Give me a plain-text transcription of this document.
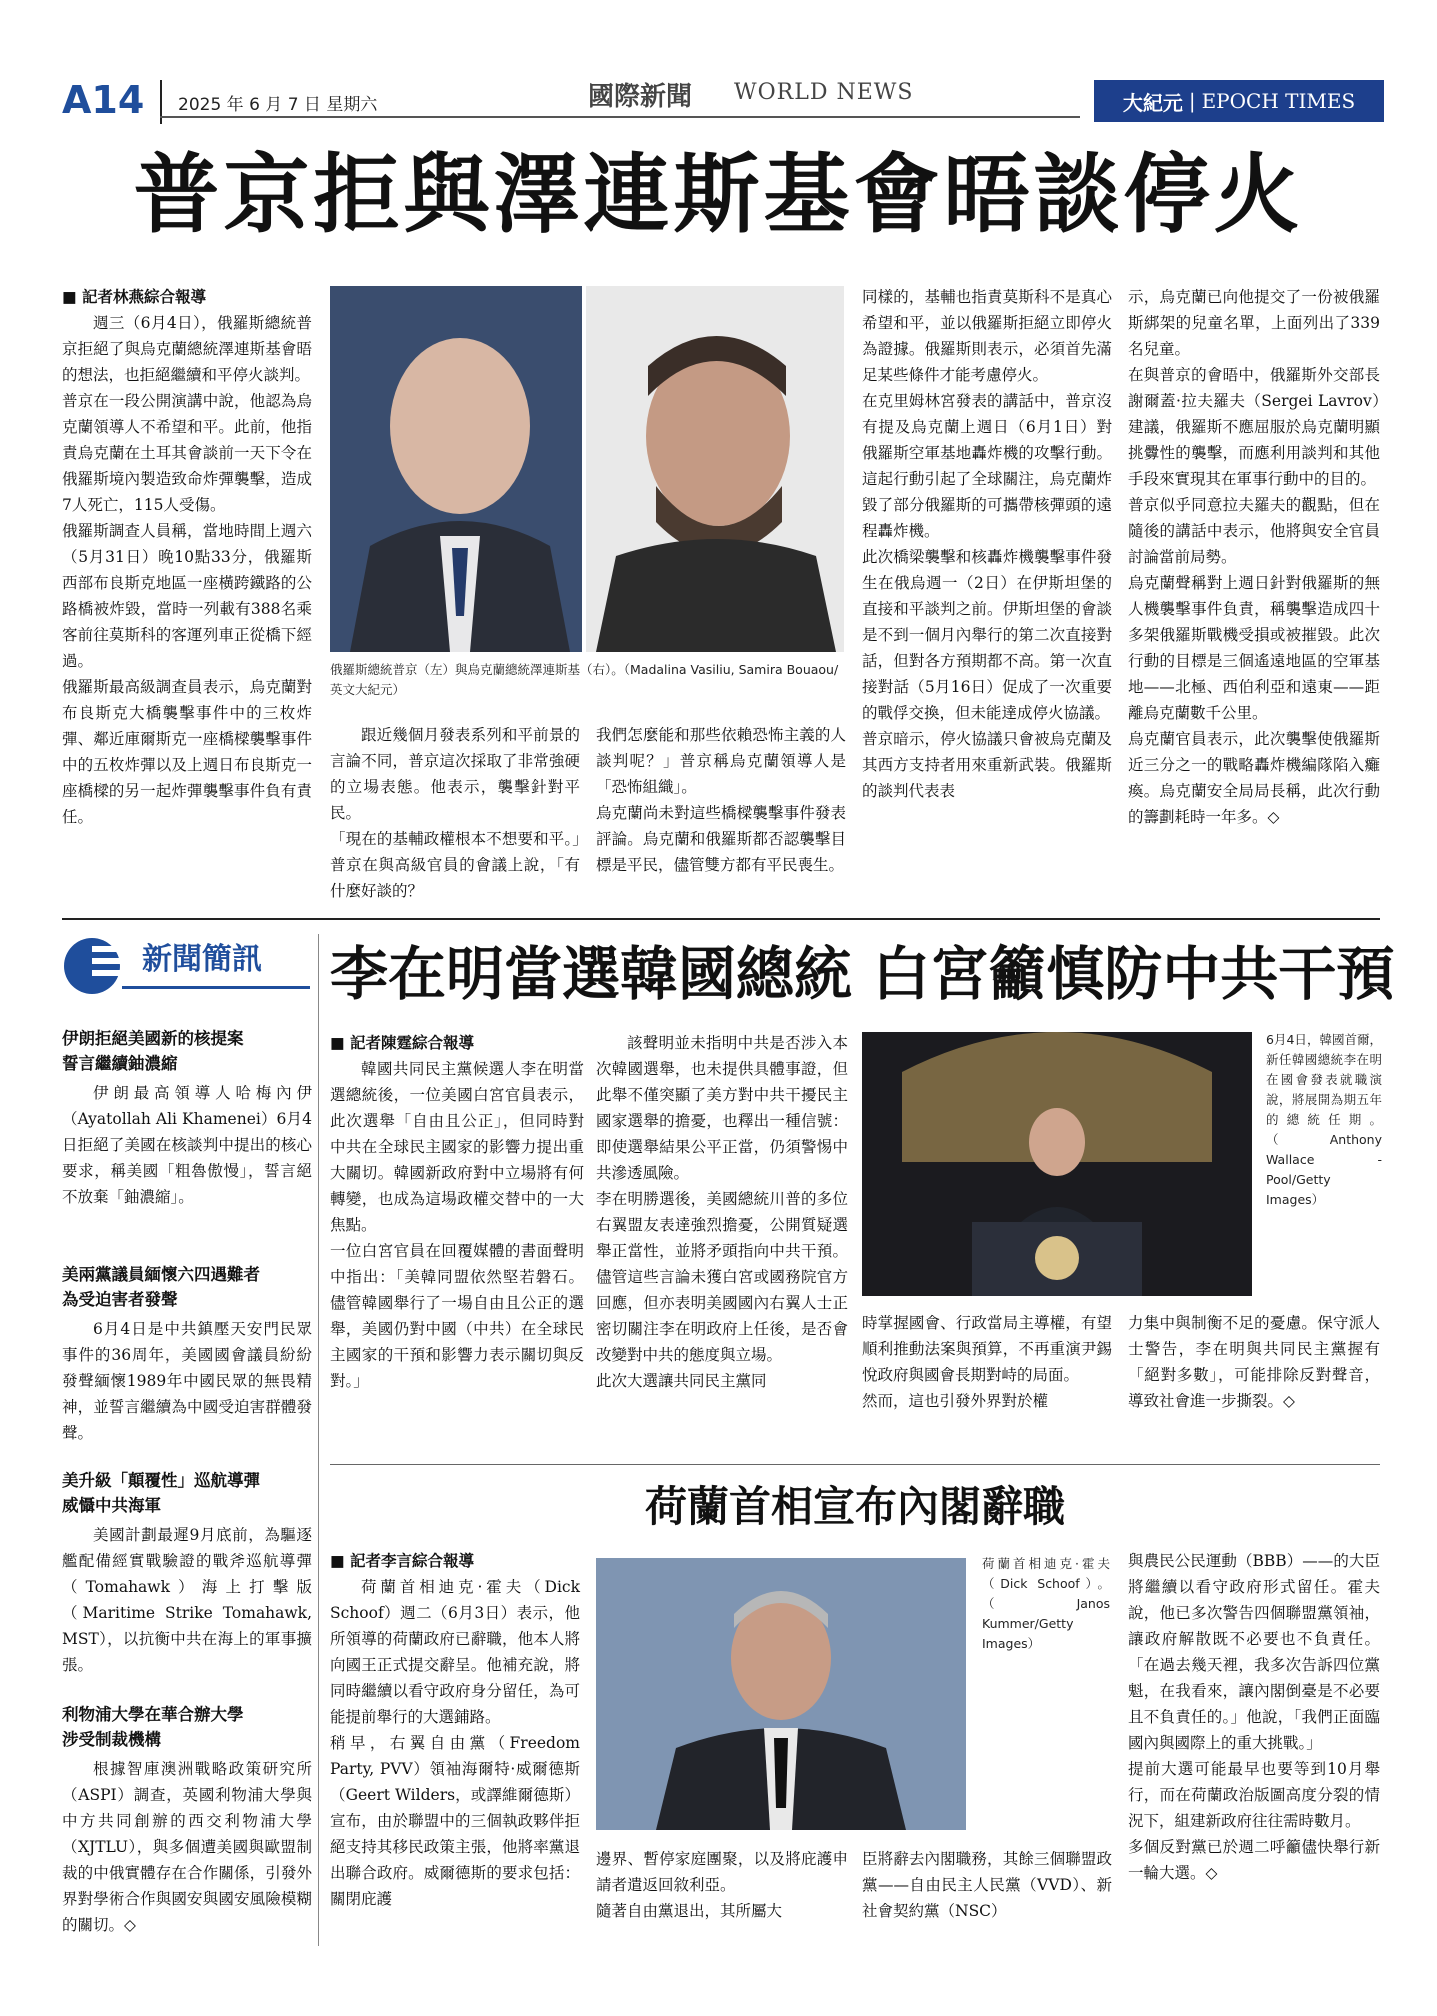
A14 2025 年 6 月 7 日 星期六	國際新聞 WORLD NEWS	大紀元 | EPOCH TIMES
普京拒與澤連斯基會晤談停火
■ 記者林燕綜合報導
週三（6月4日），俄羅斯總統普京拒絕了與烏克蘭總統澤連斯基會晤的想法，也拒絕繼續和平停火談判。
普京在一段公開演講中說，他認為烏克蘭領導人不希望和平。此前，他指責烏克蘭在土耳其會談前一天下令在俄羅斯境內製造致命炸彈襲擊，造成7人死亡，115人受傷。
俄羅斯調查人員稱，當地時間上週六（5月31日）晚10點33分，俄羅斯西部布良斯克地區一座橫跨鐵路的公路橋被炸毀，當時一列載有388名乘客前往莫斯科的客運列車正從橋下經過。
俄羅斯最高級調查員表示，烏克蘭對布良斯克大橋襲擊事件中的三枚炸彈、鄰近庫爾斯克一座橋樑襲擊事件中的五枚炸彈以及上週日布良斯克一座橋樑的另一起炸彈襲擊事件負有責任。
俄羅斯總統普京（左）與烏克蘭總統澤連斯基（右）。（Madalina Vasiliu, Samira Bouaou/英文大紀元）
跟近幾個月發表系列和平前景的言論不同，普京這次採取了非常強硬的立場表態。他表示，襲擊針對平民。
「現在的基輔政權根本不想要和平。」普京在與高級官員的會議上說，「有什麼好談的？
我們怎麼能和那些依賴恐怖主義的人談判呢？」普京稱烏克蘭領導人是「恐怖組織」。
烏克蘭尚未對這些橋樑襲擊事件發表評論。烏克蘭和俄羅斯都否認襲擊目標是平民，儘管雙方都有平民喪生。
同樣的，基輔也指責莫斯科不是真心希望和平，並以俄羅斯拒絕立即停火為證據。俄羅斯則表示，必須首先滿足某些條件才能考慮停火。
在克里姆林宮發表的講話中，普京沒有提及烏克蘭上週日（6月1日）對俄羅斯空軍基地轟炸機的攻擊行動。這起行動引起了全球關注，烏克蘭炸毀了部分俄羅斯的可攜帶核彈頭的遠程轟炸機。
此次橋梁襲擊和核轟炸機襲擊事件發生在俄烏週一（2日）在伊斯坦堡的直接和平談判之前。伊斯坦堡的會談是不到一個月內舉行的第二次直接對話，但對各方預期都不高。第一次直接對話（5月16日）促成了一次重要的戰俘交換，但未能達成停火協議。
普京暗示，停火協議只會被烏克蘭及其西方支持者用來重新武裝。俄羅斯的談判代表表
示，烏克蘭已向他提交了一份被俄羅斯綁架的兒童名單，上面列出了339名兒童。
在與普京的會晤中，俄羅斯外交部長謝爾蓋·拉夫羅夫（Sergei Lavrov）建議，俄羅斯不應屈服於烏克蘭明顯挑釁性的襲擊，而應利用談判和其他手段來實現其在軍事行動中的目的。
普京似乎同意拉夫羅夫的觀點，但在隨後的講話中表示，他將與安全官員討論當前局勢。
烏克蘭聲稱對上週日針對俄羅斯的無人機襲擊事件負責，稱襲擊造成四十多架俄羅斯戰機受損或被摧毀。此次行動的目標是三個遙遠地區的空軍基地——北極、西伯利亞和遠東——距離烏克蘭數千公里。
烏克蘭官員表示，此次襲擊使俄羅斯近三分之一的戰略轟炸機編隊陷入癱瘓。烏克蘭安全局局長稱，此次行動的籌劃耗時一年多。◇
新聞簡訊
伊朗拒絕美國新的核提案
誓言繼續鈾濃縮
伊朗最高領導人哈梅內伊（Ayatollah Ali Khamenei）6月4日拒絕了美國在核談判中提出的核心要求，稱美國「粗魯傲慢」，誓言絕不放棄「鈾濃縮」。
美兩黨議員緬懷六四遇難者
為受迫害者發聲
6月4日是中共鎮壓天安門民眾事件的36周年，美國國會議員紛紛發聲緬懷1989年中國民眾的無畏精神，並誓言繼續為中國受迫害群體發聲。
美升級「顛覆性」巡航導彈
威懾中共海軍
美國計劃最遲9月底前，為驅逐艦配備經實戰驗證的戰斧巡航導彈（Tomahawk）海上打擊版（Maritime Strike Tomahawk, MST），以抗衡中共在海上的軍事擴張。
利物浦大學在華合辦大學
涉受制裁機構
根據智庫澳洲戰略政策研究所（ASPI）調查，英國利物浦大學與中方共同創辦的西交利物浦大學（XJTLU），與多個遭美國與歐盟制裁的中俄實體存在合作關係，引發外界對學術合作與國安與國安風險模糊的關切。◇
李在明當選韓國總統 白宮籲慎防中共干預
■ 記者陳霆綜合報導
韓國共同民主黨候選人李在明當選總統後，一位美國白宮官員表示，此次選舉「自由且公正」，但同時對中共在全球民主國家的影響力提出重大關切。韓國新政府對中立場將有何轉變，也成為這場政權交替中的一大焦點。
一位白宮官員在回覆媒體的書面聲明中指出：「美韓同盟依然堅若磐石。儘管韓國舉行了一場自由且公正的選舉，美國仍對中國（中共）在全球民主國家的干預和影響力表示關切與反對。」
該聲明並未指明中共是否涉入本次韓國選舉，也未提供具體事證，但此舉不僅突顯了美方對中共干擾民主國家選舉的擔憂，也釋出一種信號：即使選舉結果公平正當，仍須警惕中共滲透風險。
李在明勝選後，美國總統川普的多位右翼盟友表達強烈擔憂，公開質疑選舉正當性，並將矛頭指向中共干預。儘管這些言論未獲白宮或國務院官方回應，但亦表明美國國內右翼人士正密切關注李在明政府上任後，是否會改變對中共的態度與立場。
此次大選讓共同民主黨同
6月4日，韓國首爾，新任韓國總統李在明在國會發表就職演說，將展開為期五年的總統任期。（Anthony Wallace - Pool/Getty Images）
時掌握國會、行政當局主導權，有望順利推動法案與預算，不再重演尹錫悅政府與國會長期對峙的局面。
然而，這也引發外界對於權
力集中與制衡不足的憂慮。保守派人士警告，李在明與共同民主黨握有「絕對多數」，可能排除反對聲音，導致社會進一步撕裂。◇
荷蘭首相宣布內閣辭職
■ 記者李言綜合報導
荷蘭首相迪克·霍夫（Dick Schoof）週二（6月3日）表示，他所領導的荷蘭政府已辭職，他本人將向國王正式提交辭呈。他補充說，將同時繼續以看守政府身分留任，為可能提前舉行的大選鋪路。
稍早，右翼自由黨（Freedom Party, PVV）領袖海爾特·威爾德斯（Geert Wilders，或譯維爾德斯）宣布，由於聯盟中的三個執政夥伴拒絕支持其移民政策主張，他將率黨退出聯合政府。威爾德斯的要求包括：關閉庇護
荷蘭首相迪克·霍夫（Dick Schoof）。（Janos Kummer/Getty Images）
邊界、暫停家庭團聚，以及將庇護申請者遣返回敘利亞。
隨著自由黨退出，其所屬大
臣將辭去內閣職務，其餘三個聯盟政黨——自由民主人民黨（VVD）、新社會契約黨（NSC）
與農民公民運動（BBB）——的大臣將繼續以看守政府形式留任。霍夫說，他已多次警告四個聯盟黨領袖，讓政府解散既不必要也不負責任。「在過去幾天裡，我多次告訴四位黨魁，在我看來，讓內閣倒臺是不必要且不負責任的。」他說，「我們正面臨國內與國際上的重大挑戰。」
提前大選可能最早也要等到10月舉行，而在荷蘭政治版圖高度分裂的情況下，組建新政府往往需時數月。
多個反對黨已於週二呼籲儘快舉行新一輪大選。◇
